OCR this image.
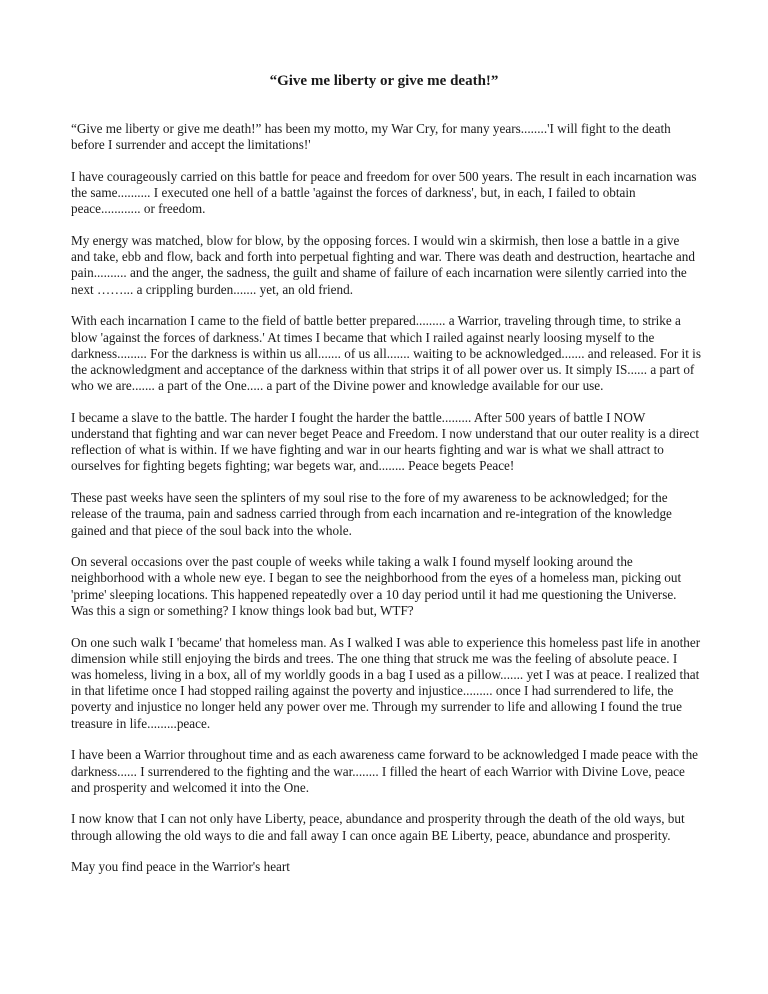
“Give me liberty or give me death!”

“Give me liberty or give me death!” has been my motto, my War Cry, for many years........'I will fight to the death before I surrender and accept the limitations!'

I have courageously carried on this battle for peace and freedom for over 500 years. The result in each incarnation was the same.......... I executed one hell of a battle 'against the forces of darkness', but, in each, I failed to obtain peace............ or freedom.

My energy was matched, blow for blow, by the opposing forces. I would win a skirmish, then lose a battle in a give and take, ebb and flow, back and forth into perpetual fighting and war. There was death and destruction, heartache and pain.......... and the anger, the sadness, the guilt and shame of failure of each incarnation were silently carried into the next ……... a crippling burden....... yet, an old friend.

With each incarnation I came to the field of battle better prepared......... a Warrior, traveling through time, to strike a blow 'against the forces of darkness.' At times I became that which I railed against nearly loosing myself to the darkness......... For the darkness is within us all....... of us all....... waiting to be acknowledged....... and released. For it is the acknowledgment and acceptance of the darkness within that strips it of all power over us. It simply IS...... a part of who we are....... a part of the One..... a part of the Divine power and knowledge available for our use.

I became a slave to the battle. The harder I fought the harder the battle......... After 500 years of battle I NOW understand that fighting and war can never beget Peace and Freedom. I now understand that our outer reality is a direct reflection of what is within. If we have fighting and war in our hearts fighting and war is what we shall attract to ourselves for fighting begets fighting; war begets war, and........ Peace begets Peace!

These past weeks have seen the splinters of my soul rise to the fore of my awareness to be acknowledged; for the release of the trauma, pain and sadness carried through from each incarnation and re-integration of the knowledge gained and that piece of the soul back into the whole.

On several occasions over the past couple of weeks while taking a walk I found myself looking around the neighborhood with a whole new eye. I began to see the neighborhood from the eyes of a homeless man, picking out 'prime' sleeping locations. This happened repeatedly over a 10 day period until it had me questioning the Universe. Was this a sign or something? I know things look bad but, WTF?

On one such walk I 'became' that homeless man. As I walked I was able to experience this homeless past life in another dimension while still enjoying the birds and trees. The one thing that struck me was the feeling of absolute peace. I was homeless, living in a box, all of my worldly goods in a bag I used as a pillow....... yet I was at peace. I realized that in that lifetime once I had stopped railing against the poverty and injustice......... once I had surrendered to life, the poverty and injustice no longer held any power over me. Through my surrender to life and allowing I found the true treasure in life.........peace.

I have been a Warrior throughout time and as each awareness came forward to be acknowledged I made peace with the darkness...... I surrendered to the fighting and the war........ I filled the heart of each Warrior with Divine Love, peace and prosperity and welcomed it into the One.

I now know that I can not only have Liberty, peace, abundance and prosperity through the death of the old ways, but through allowing the old ways to die and fall away I can once again BE Liberty, peace, abundance and prosperity.

May you find peace in the Warrior's heart
